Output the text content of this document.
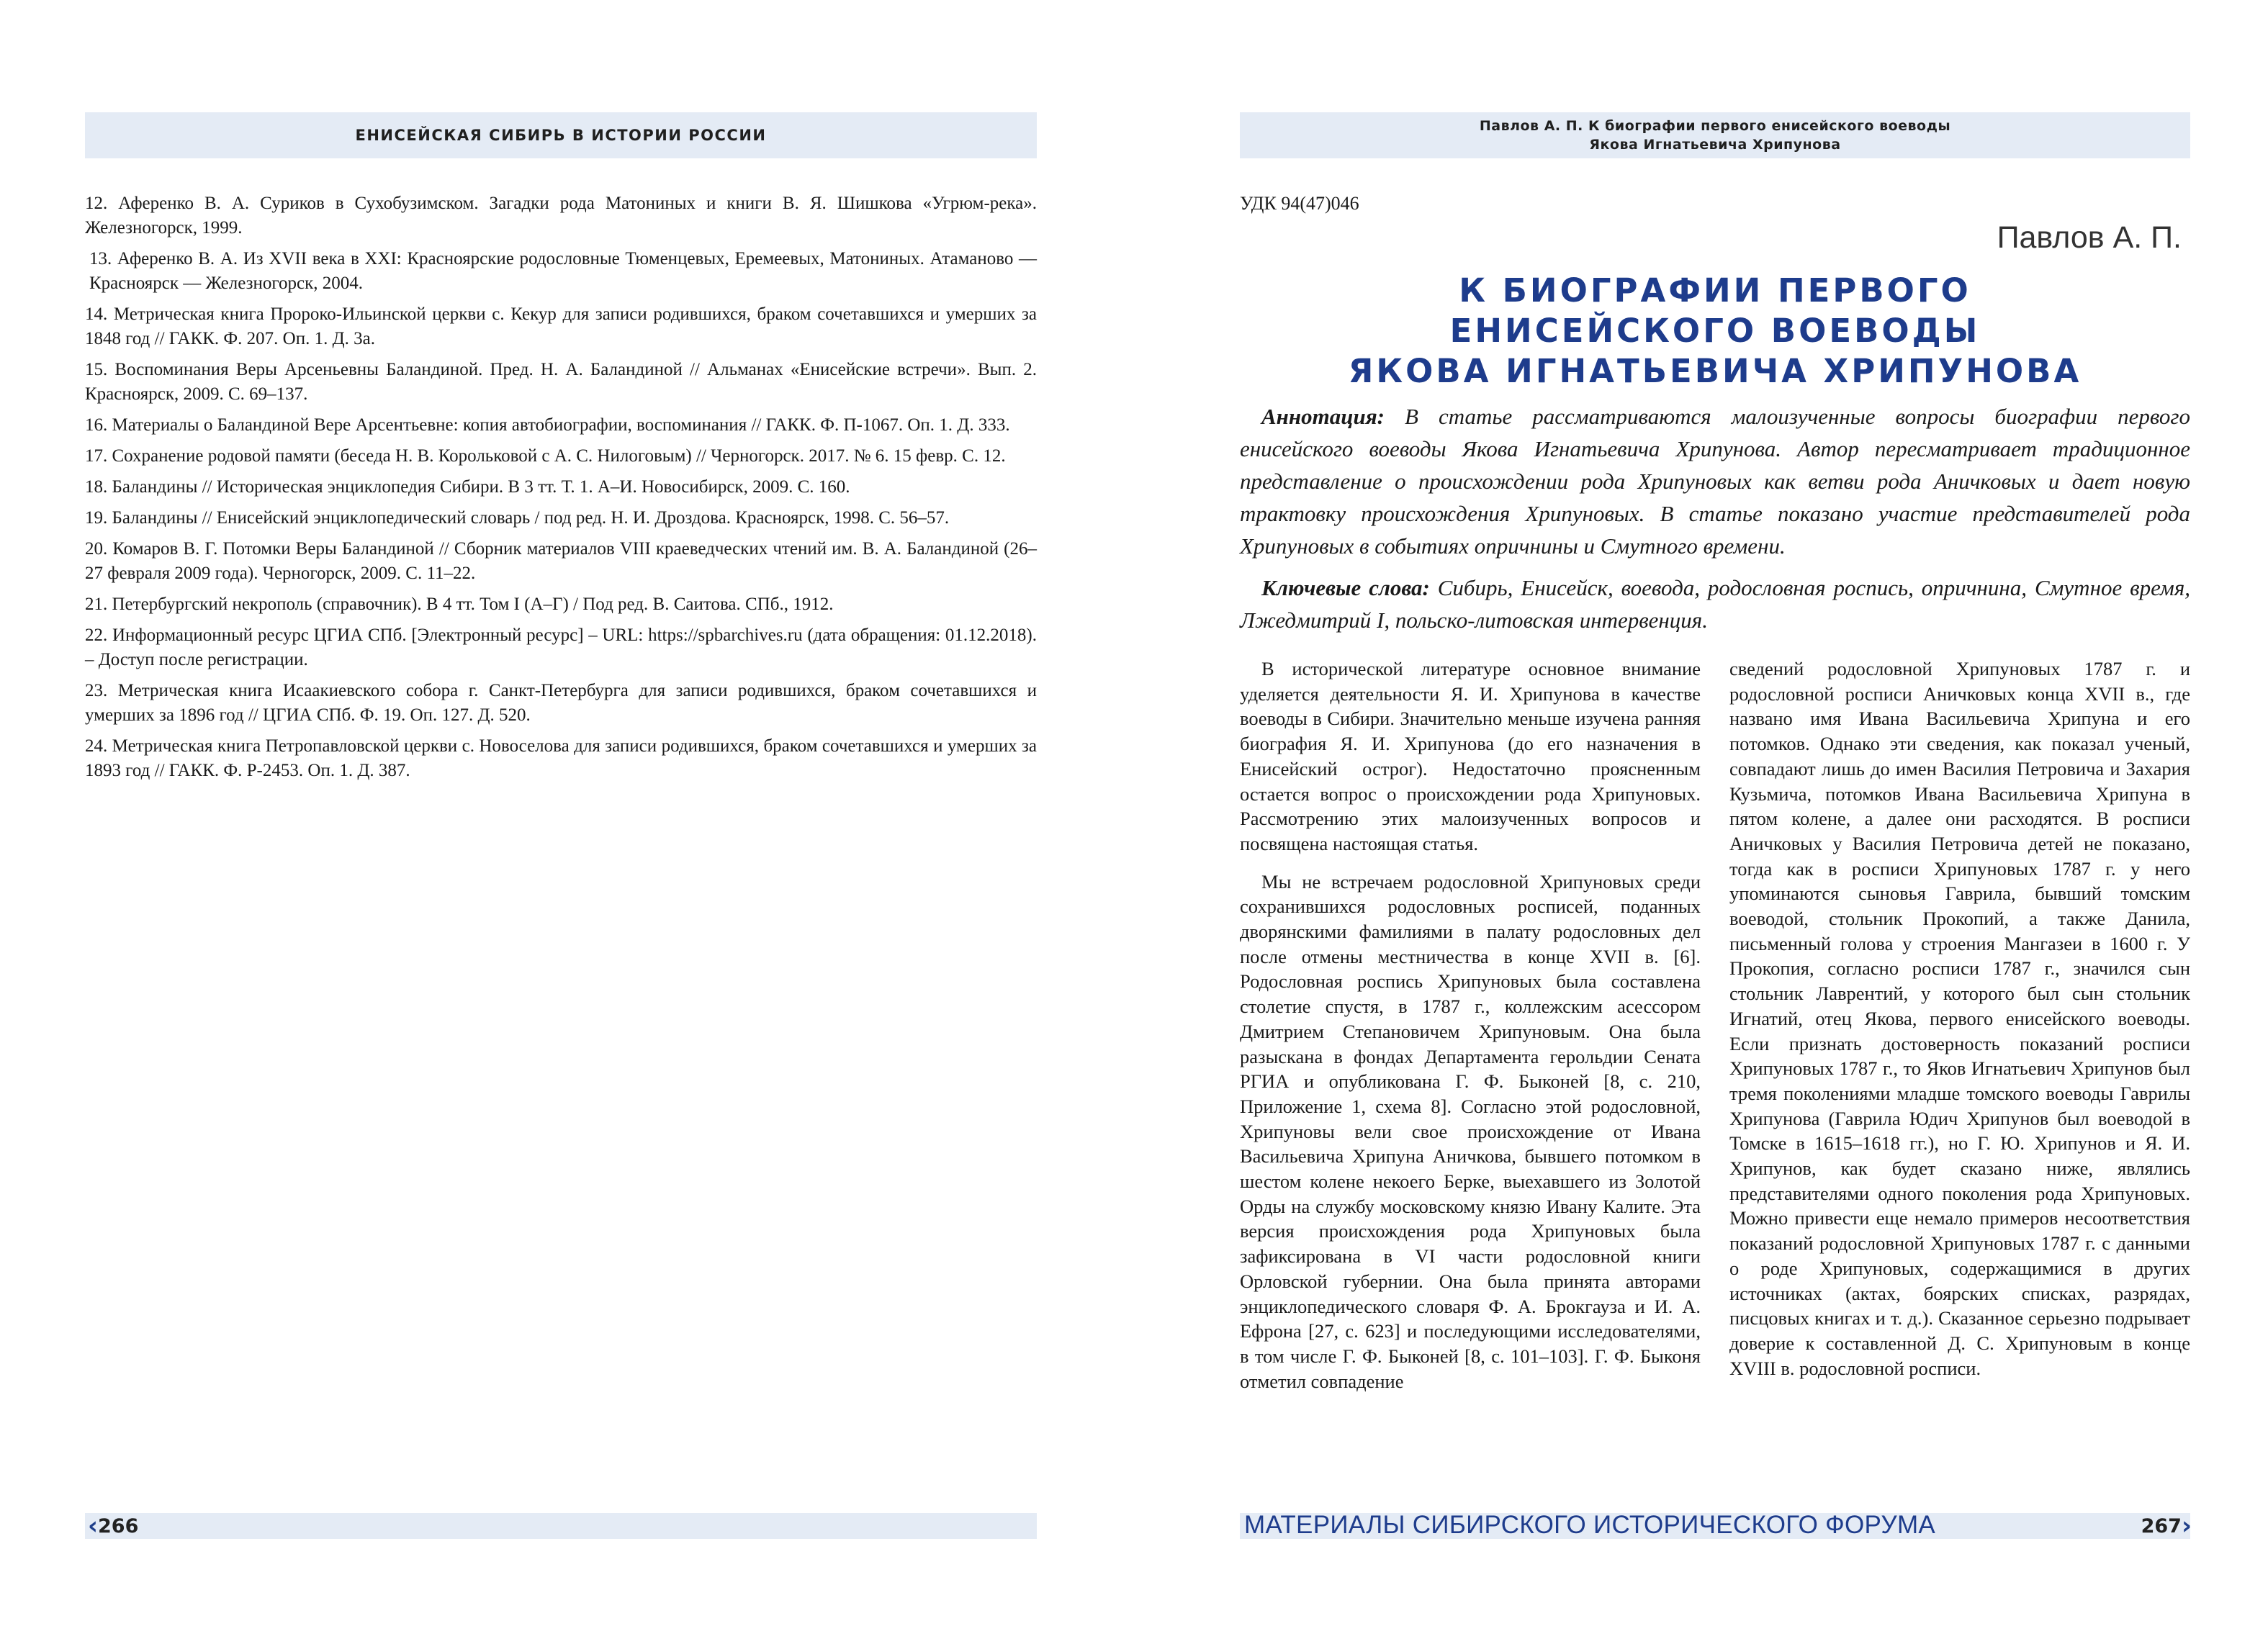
ЕНИСЕЙСКАЯ СИБИРЬ В ИСТОРИИ РОССИИ
12. Аференко В. А. Суриков в Сухобузимском. Загадки рода Матониных и книги В. Я. Шишкова «Угрюм-река». Железногорск, 1999.
13. Аференко В. А. Из XVII века в XXI: Красноярские родословные Тюменцевых, Еремеевых, Матониных. Атаманово — Красноярск — Железногорск, 2004.
14. Метрическая книга Пророко-Ильинской церкви с. Кекур для записи родившихся, браком сочетавшихся и умерших за 1848 год // ГАКК. Ф. 207. Оп. 1. Д. 3а.
15. Воспоминания Веры Арсеньевны Баландиной. Пред. Н. А. Баландиной // Альманах «Енисейские встречи». Вып. 2. Красноярск, 2009. С. 69–137.
16. Материалы о Баландиной Вере Арсентьевне: копия автобиографии, воспоминания // ГАКК. Ф. П-1067. Оп. 1. Д. 333.
17. Сохранение родовой памяти (беседа Н. В. Корольковой с А. С. Нилоговым) // Черногорск. 2017. № 6. 15 февр. С. 12.
18. Баландины // Историческая энциклопедия Сибири. В 3 тт. Т. 1. А–И. Новосибирск, 2009. С. 160.
19. Баландины // Енисейский энциклопедический словарь / под ред. Н. И. Дроздова. Красноярск, 1998. С. 56–57.
20. Комаров В. Г. Потомки Веры Баландиной // Сборник материалов VIII краеведческих чтений им. В. А. Баландиной (26–27 февраля 2009 года). Черногорск, 2009. С. 11–22.
21. Петербургский некрополь (справочник). В 4 тт. Том I (А–Г) / Под ред. В. Саитова. СПб., 1912.
22. Информационный ресурс ЦГИА СПб. [Электронный ресурс] – URL: https://spbarchives.ru (дата обращения: 01.12.2018). – Доступ после регистрации.
23. Метрическая книга Исаакиевского собора г. Санкт-Петербурга для записи родившихся, браком сочетавшихся и умерших за 1896 год // ЦГИА СПб. Ф. 19. Оп. 127. Д. 520.
24. Метрическая книга Петропавловской церкви с. Новоселова для записи родившихся, браком сочетавшихся и умерших за 1893 год // ГАКК. Ф. Р-2453. Оп. 1. Д. 387.
‹ 266
Павлов А. П. К биографии первого енисейского воеводы
Якова Игнатьевича Хрипунова
УДК 94(47)046
Павлов А. П.
К БИОГРАФИИ ПЕРВОГО
ЕНИСЕЙСКОГО ВОЕВОДЫ
ЯКОВА ИГНАТЬЕВИЧА ХРИПУНОВА
Аннотация: В статье рассматриваются малоизученные вопросы биографии первого енисейского воеводы Якова Игнатьевича Хрипунова. Автор пересматривает традиционное представление о происхождении рода Хрипуновых как ветви рода Аничковых и дает новую трактовку происхождения Хрипуновых. В статье показано участие представителей рода Хрипуновых в событиях опричнины и Смутного времени.
Ключевые слова: Сибирь, Енисейск, воевода, родословная роспись, опричнина, Смутное время, Лжедмитрий I, польско-литовская интервенция.

В исторической литературе основное внимание уделяется деятельности Я. И. Хрипунова в качестве воеводы в Сибири. Значительно меньше изучена ранняя биография Я. И. Хрипунова (до его назначения в Енисейский острог). Недостаточно проясненным остается вопрос о происхождении рода Хрипуновых. Рассмотрению этих малоизученных вопросов и посвящена настоящая статья.

Мы не встречаем родословной Хрипуновых среди сохранившихся родословных росписей, поданных дворянскими фамилиями в палату родословных дел после отмены местничества в конце XVII в. [6]. Родословная роспись Хрипуновых была составлена столетие спустя, в 1787 г., коллежским асессором Дмитрием Степановичем Хрипуновым. Она была разыскана в фондах Департамента герольдии Сената РГИА и опубликована Г. Ф. Быконей [8, с. 210, Приложение 1, схема 8]. Согласно этой родословной, Хрипуновы вели свое происхождение от Ивана Васильевича Хрипуна Аничкова, бывшего потомком в шестом колене некоего Берке, выехавшего из Золотой Орды на службу московскому князю Ивану Калите. Эта версия происхождения рода Хрипуновых была зафиксирована в VI части родословной книги Орловской губернии. Она была принята авторами энциклопедического словаря Ф. А. Брокгауза и И. А. Ефрона [27, с. 623] и последующими исследователями, в том числе Г. Ф. Быконей [8, с. 101–103]. Г. Ф. Быконя отметил совпадение

сведений родословной Хрипуновых 1787 г. и родословной росписи Аничковых конца XVII в., где названо имя Ивана Васильевича Хрипуна и его потомков. Однако эти сведения, как показал ученый, совпадают лишь до имен Василия Петровича и Захария Кузьмича, потомков Ивана Васильевича Хрипуна в пятом колене, а далее они расходятся. В росписи Аничковых у Василия Петровича детей не показано, тогда как в росписи Хрипуновых 1787 г. у него упоминаются сыновья Гаврила, бывший томским воеводой, стольник Прокопий, а также Данила, письменный голова у строения Мангазеи в 1600 г. У Прокопия, согласно росписи 1787 г., значился сын стольник Лаврентий, у которого был сын стольник Игнатий, отец Якова, первого енисейского воеводы. Если признать достоверность показаний росписи Хрипуновых 1787 г., то Яков Игнатьевич Хрипунов был тремя поколениями младше томского воеводы Гаврилы Хрипунова (Гаврила Юдич Хрипунов был воеводой в Томске в 1615–1618 гг.), но Г. Ю. Хрипунов и Я. И. Хрипунов, как будет сказано ниже, являлись представителями одного поколения рода Хрипуновых. Можно привести еще немало примеров несоответствия показаний родословной Хрипуновых 1787 г. с данными о роде Хрипуновых, содержащимися в других источниках (актах, боярских списках, разрядах, писцовых книгах и т. д.). Сказанное серьезно подрывает доверие к составленной Д. С. Хрипуновым в конце XVIII в. родословной росписи.

МАТЕРИАЛЫ СИБИРСКОГО ИСТОРИЧЕСКОГО ФОРУМА	267 ›
